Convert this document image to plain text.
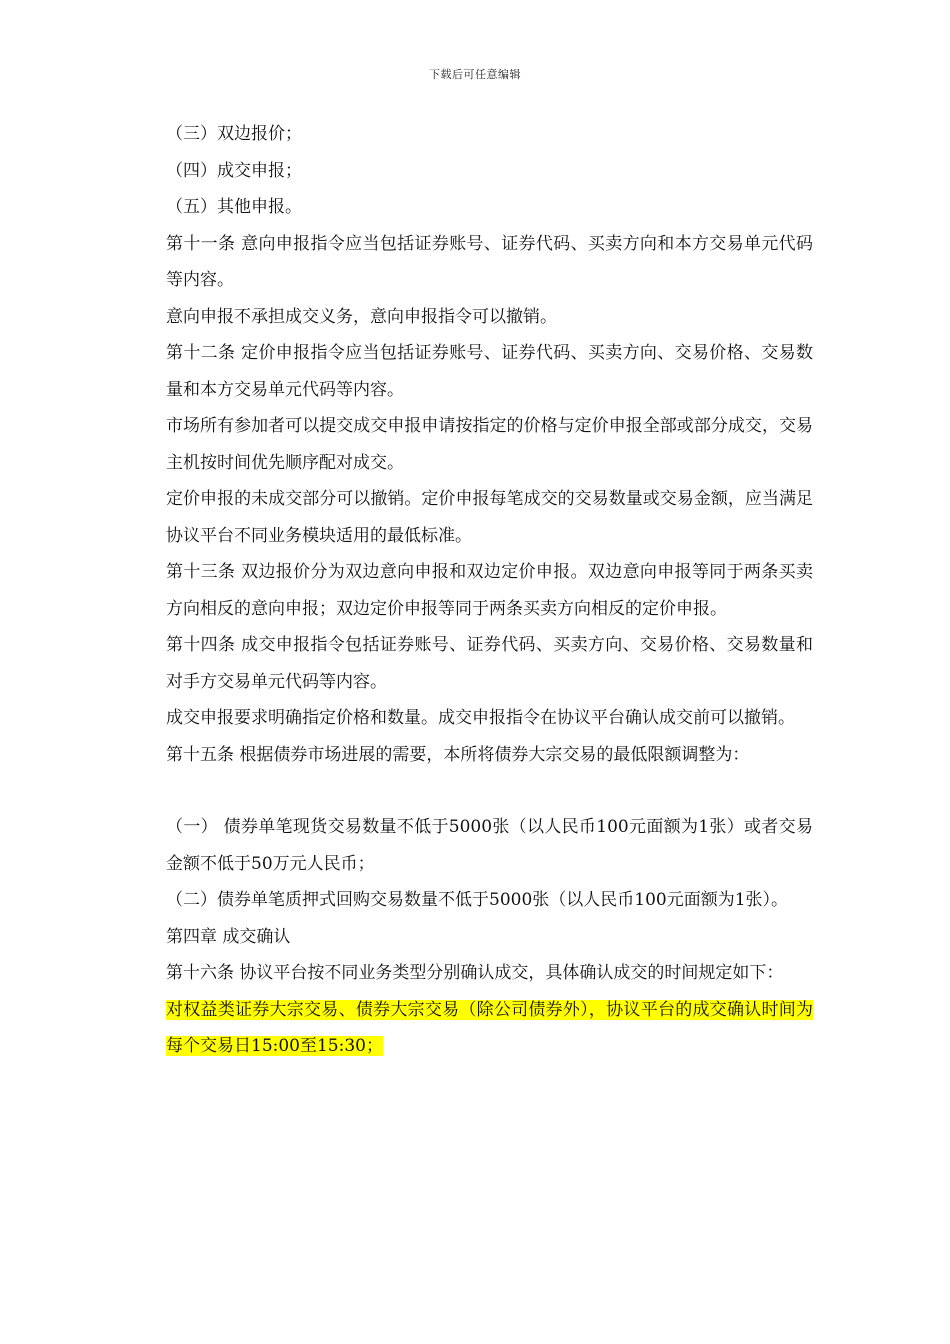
下载后可任意编辑

（三）双边报价；

（四）成交申报；

（五）其他申报。

第十一条 意向申报指令应当包括证券账号、证券代码、买卖方向和本方交易单元代码等内容。

意向申报不承担成交义务，意向申报指令可以撤销。

第十二条 定价申报指令应当包括证券账号、证券代码、买卖方向、交易价格、交易数量和本方交易单元代码等内容。

市场所有参加者可以提交成交申报申请按指定的价格与定价申报全部或部分成交，交易主机按时间优先顺序配对成交。

定价申报的未成交部分可以撤销。定价申报每笔成交的交易数量或交易金额，应当满足协议平台不同业务模块适用的最低标准。

第十三条 双边报价分为双边意向申报和双边定价申报。双边意向申报等同于两条买卖方向相反的意向申报；双边定价申报等同于两条买卖方向相反的定价申报。

第十四条 成交申报指令包括证券账号、证券代码、买卖方向、交易价格、交易数量和对手方交易单元代码等内容。

成交申报要求明确指定价格和数量。成交申报指令在协议平台确认成交前可以撤销。

第十五条 根据债券市场进展的需要，本所将债券大宗交易的最低限额调整为：

（一） 债券单笔现货交易数量不低于5000张（以人民币100元面额为1张）或者交易金额不低于50万元人民币；

（二）债券单笔质押式回购交易数量不低于5000张（以人民币100元面额为1张）。

第四章 成交确认

第十六条 协议平台按不同业务类型分别确认成交，具体确认成交的时间规定如下：

对权益类证券大宗交易、债券大宗交易（除公司债券外），协议平台的成交确认时间为每个交易日15:00至15:30；
